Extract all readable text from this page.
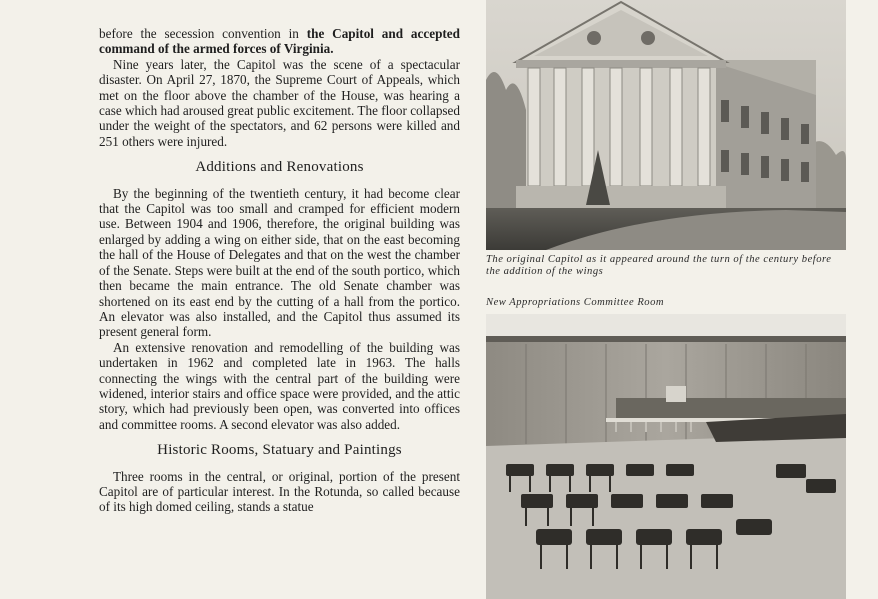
before the secession convention in the Capitol and accepted command of the armed forces of Virginia.

Nine years later, the Capitol was the scene of a spectacular disaster. On April 27, 1870, the Supreme Court of Appeals, which met on the floor above the chamber of the House, was hearing a case which had aroused great public excitement. The floor collapsed under the weight of the spectators, and 62 persons were killed and 251 others were injured.

Additions and Renovations

By the beginning of the twentieth century, it had become clear that the Capitol was too small and cramped for efficient modern use. Between 1904 and 1906, therefore, the original building was enlarged by adding a wing on either side, that on the east becoming the hall of the House of Delegates and that on the west the chamber of the Senate. Steps were built at the end of the south portico, which then became the main entrance. The old Senate chamber was shortened on its east end by the cutting of a hall from the portico. An elevator was also installed, and the Capitol thus assumed its present general form.

An extensive renovation and remodelling of the building was undertaken in 1962 and completed late in 1963. The halls connecting the wings with the central part of the building were widened, interior stairs and office space were provided, and the attic story, which had previously been open, was converted into offices and committee rooms. A second elevator was also added.

Historic Rooms, Statuary and Paintings

Three rooms in the central, or original, portion of the present Capitol are of particular interest. In the Rotunda, so called because of its high domed ceiling, stands a statue

The original Capitol as it appeared around the turn of the century before the addition of the wings
New Appropriations Committee Room
